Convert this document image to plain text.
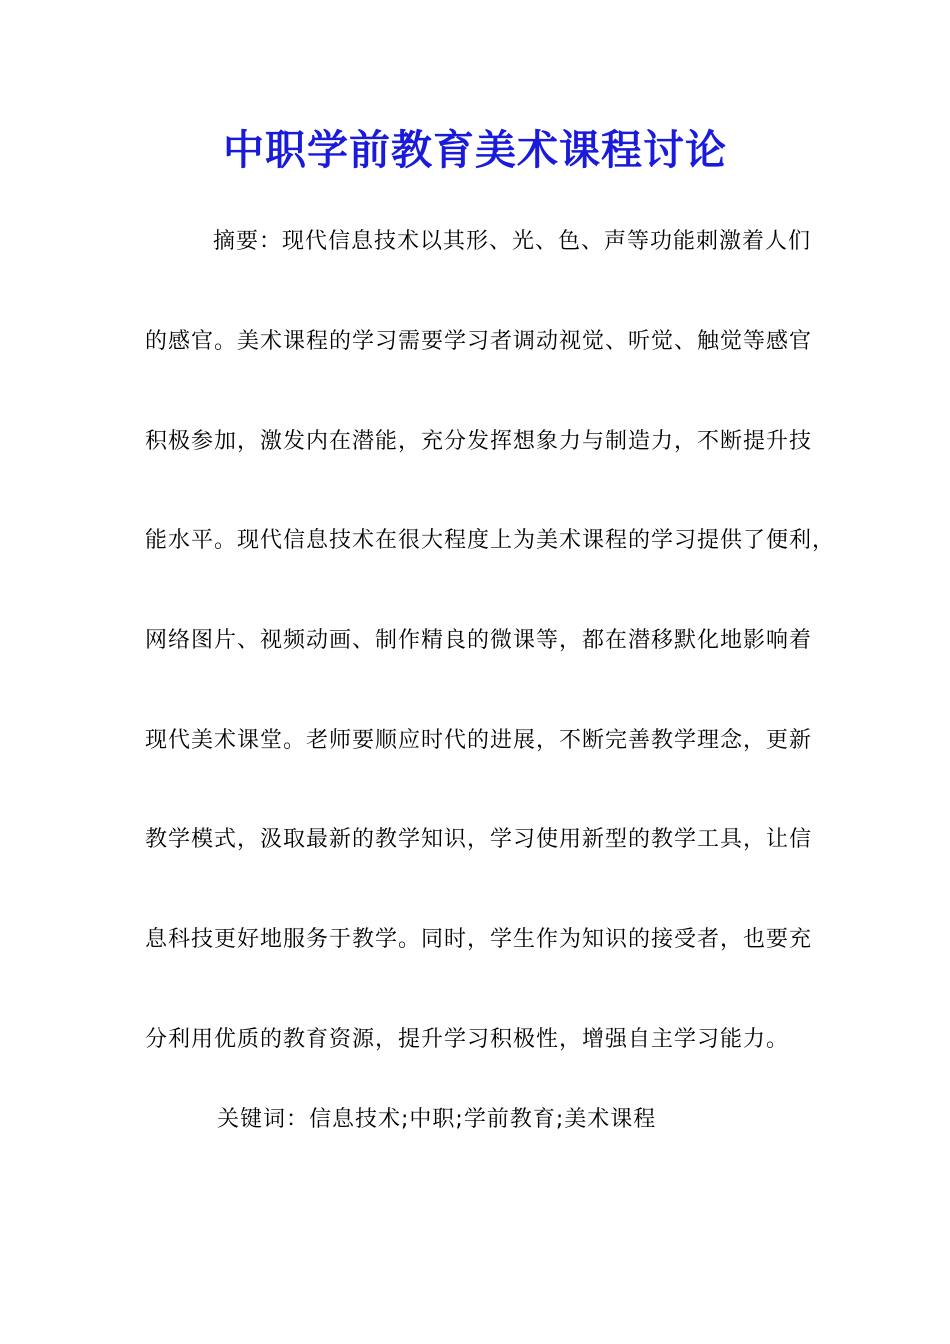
中职学前教育美术课程讨论
摘要：现代信息技术以其形、光、色、声等功能刺激着人们
的感官。美术课程的学习需要学习者调动视觉、听觉、触觉等感官
积极参加，激发内在潜能，充分发挥想象力与制造力，不断提升技
能水平。现代信息技术在很大程度上为美术课程的学习提供了便利，
网络图片、视频动画、制作精良的微课等，都在潜移默化地影响着
现代美术课堂。老师要顺应时代的进展，不断完善教学理念，更新
教学模式，汲取最新的教学知识，学习使用新型的教学工具，让信
息科技更好地服务于教学。同时，学生作为知识的接受者，也要充
分利用优质的教育资源，提升学习积极性，增强自主学习能力。
关键词：信息技术;中职;学前教育;美术课程
